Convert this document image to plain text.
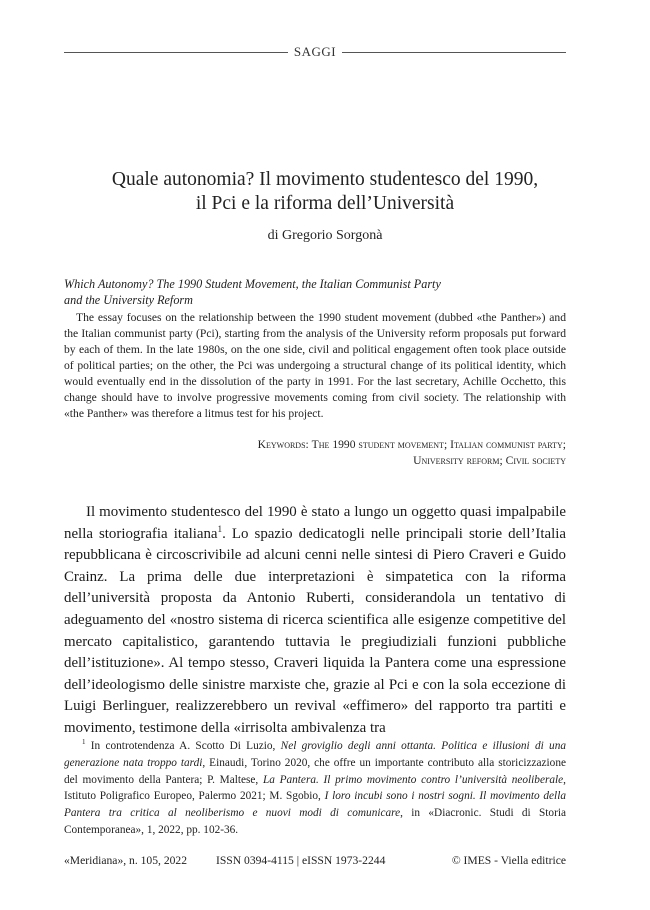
SAGGI
Quale autonomia? Il movimento studentesco del 1990,
il Pci e la riforma dell’Università
di Gregorio Sorgonà
Which Autonomy? The 1990 Student Movement, the Italian Communist Party
and the University Reform

The essay focuses on the relationship between the 1990 student movement (dubbed «the Panther») and the Italian communist party (Pci), starting from the analysis of the University reform proposals put forward by each of them. In the late 1980s, on the one side, civil and political engagement often took place outside of political parties; on the other, the Pci was undergoing a structural change of its political identity, which would eventually end in the dissolution of the party in 1991. For the last secretary, Achille Occhetto, this change should have to involve progressive movements coming from civil society. The relationship with «the Panther» was therefore a litmus test for his project.

Keywords: The 1990 student movement; Italian communist party;
University reform; Civil society

Il movimento studentesco del 1990 è stato a lungo un oggetto quasi impalpabile nella storiografia italiana$^1$. Lo spazio dedicatogli nelle principali storie dell’Italia repubblicana è circoscrivibile ad alcuni cenni nelle sintesi di Piero Craveri e Guido Crainz. La prima delle due interpretazioni è simpatetica con la riforma dell’università proposta da Antonio Ruberti, considerandola un tentativo di adeguamento del «nostro sistema di ricerca scientifica alle esigenze competitive del mercato capitalistico, garantendo tuttavia le pregiudiziali funzioni pubbliche dell’istituzione». Al tempo stesso, Craveri liquida la Pantera come una espressione dell’ideologismo delle sinistre marxiste che, grazie al Pci e con la sola eccezione di Luigi Berlinguer, realizzerebbero un revival «effimero» del rapporto tra partiti e movimento, testimone della «irrisolta ambivalenza tra

$^1$ In controtendenza A. Scotto Di Luzio, Nel groviglio degli anni ottanta. Politica e illusioni di una generazione nata troppo tardi, Einaudi, Torino 2020, che offre un importante contributo alla storicizzazione del movimento della Pantera; P. Maltese, La Pantera. Il primo movimento contro l’università neoliberale, Istituto Poligrafico Europeo, Palermo 2021; M. Sgobio, I loro incubi sono i nostri sogni. Il movimento della Pantera tra critica al neoliberismo e nuovi modi di comunicare, in «Diacronic. Studi di Storia Contemporanea», 1, 2022, pp. 102-36.

«Meridiana», n. 105, 2022	ISSN 0394-4115 | eISSN 1973-2244	© IMES - Viella editrice
